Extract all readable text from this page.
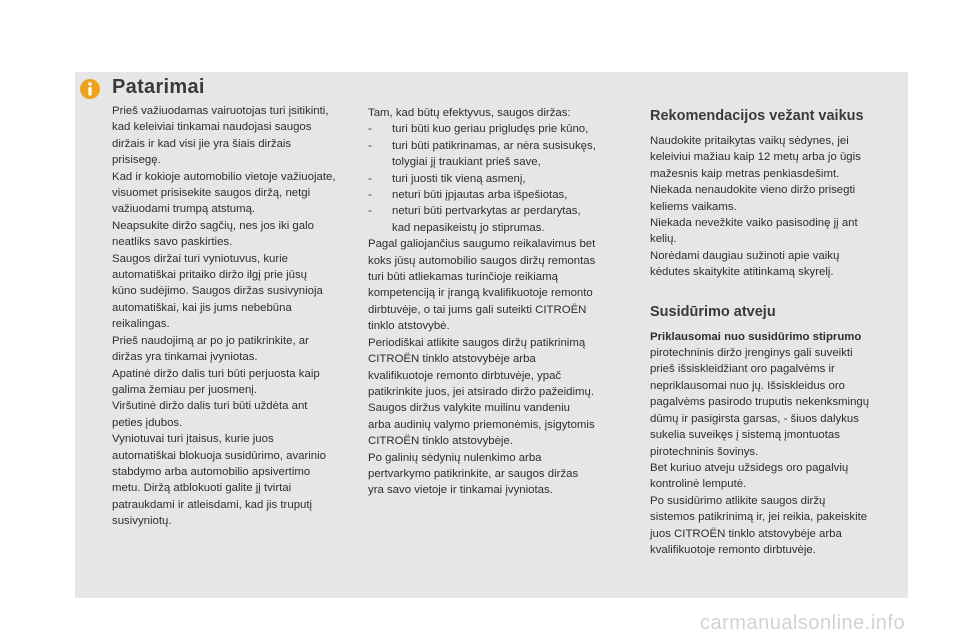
Patarimai

Prieš važiuodamas vairuotojas turi įsitikinti,

kad keleiviai tinkamai naudojasi saugos

diržais ir kad visi jie yra šiais diržais

prisisegę.

Kad ir kokioje automobilio vietoje važiuojate,

visuomet prisisekite saugos diržą, netgi

važiuodami trumpą atstumą.

Neapsukite diržo sagčių, nes jos iki galo

neatliks savo paskirties.

Saugos diržai turi vyniotuvus, kurie

automatiškai pritaiko diržo ilgį prie jūsų

kūno sudėjimo. Saugos diržas susivynioja

automatiškai, kai jis jums nebebūna

reikalingas.

Prieš naudojimą ar po jo patikrinkite, ar

diržas yra tinkamai įvyniotas.

Apatinė diržo dalis turi būti perjuosta kaip

galima žemiau per juosmenį.

Viršutinė diržo dalis turi būti uždėta ant

peties įdubos.

Vyniotuvai turi įtaisus, kurie juos

automatiškai blokuoja susidūrimo, avarinio

stabdymo arba automobilio apsivertimo

metu. Diržą atblokuoti galite jį tvirtai

patraukdami ir atleisdami, kad jis truputį

susivyniotų.

Tam, kad būtų efektyvus, saugos diržas:

-	turi būti kuo geriau prigludęs prie kūno,
-	turi būti patikrinamas, ar nėra susisukęs,
tolygiai jį traukiant prieš save,
-	turi juosti tik vieną asmenį,
-	neturi būti įpjautas arba išpešiotas,
-	neturi būti pertvarkytas ar perdarytas,
kad nepasikeistų jo stiprumas.

Pagal galiojančius saugumo reikalavimus bet

koks jūsų automobilio saugos diržų remontas

turi būti atliekamas turinčioje reikiamą

kompetenciją ir įrangą kvalifikuotoje remonto

dirbtuvėje, o tai jums gali suteikti CITROËN

tinklo atstovybė.

Periodiškai atlikite saugos diržų patikrinimą

CITROËN tinklo atstovybėje arba

kvalifikuotoje remonto dirbtuvėje, ypač

patikrinkite juos, jei atsirado diržo pažeidimų.

Saugos diržus valykite muilinu vandeniu

arba audinių valymo priemonėmis, įsigytomis

CITROËN tinklo atstovybėje.

Po galinių sėdynių nulenkimo arba

pertvarkymo patikrinkite, ar saugos diržas

yra savo vietoje ir tinkamai įvyniotas.

Rekomendacijos vežant vaikus

Naudokite pritaikytas vaikų sėdynes, jei

keleiviui mažiau kaip 12 metų arba jo ūgis

mažesnis kaip metras penkiasdešimt.

Niekada nenaudokite vieno diržo prisegti

keliems vaikams.

Niekada nevežkite vaiko pasisodinę jį ant

kelių.

Norėdami daugiau sužinoti apie vaikų

kėdutes skaitykite atitinkamą skyrelį.

Susidūrimo atveju

Priklausomai nuo susidūrimo stiprumo

pirotechninis diržo įrenginys gali suveikti

prieš išsiskleidžiant oro pagalvėms ir

nepriklausomai nuo jų. Išsiskleidus oro

pagalvėms pasirodo truputis nekenksmingų

dūmų ir pasigirsta garsas, - šiuos dalykus

sukelia suveikęs į sistemą įmontuotas

pirotechninis šovinys.

Bet kuriuo atveju užsidegs oro pagalvių

kontrolinė lemputė.

Po susidūrimo atlikite saugos diržų

sistemos patikrinimą ir, jei reikia, pakeiskite

juos CITROËN tinklo atstovybėje arba

kvalifikuotoje remonto dirbtuvėje.

carmanualsonline.info
